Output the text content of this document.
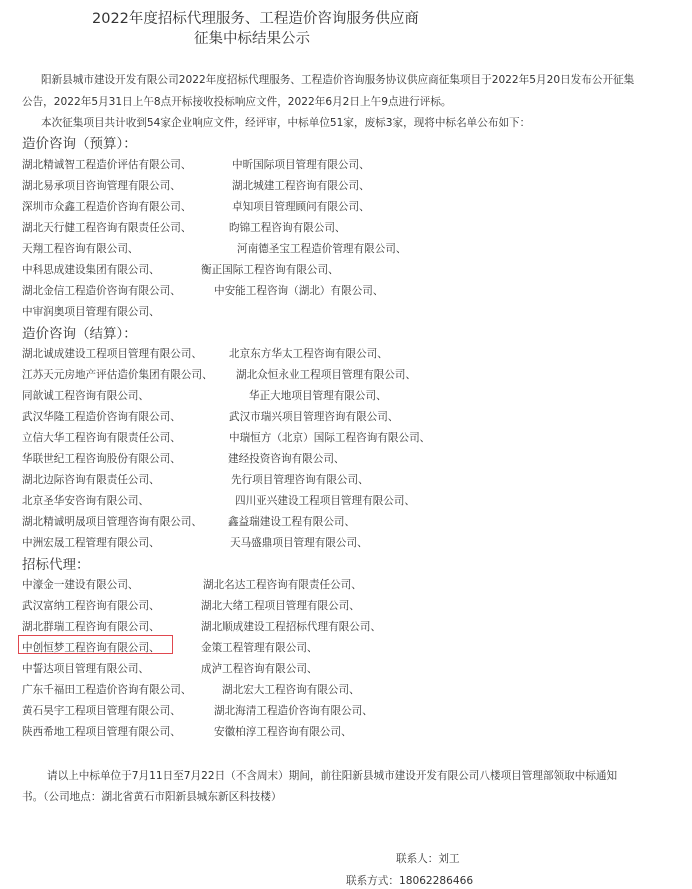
2022年度招标代理服务、工程造价咨询服务供应商
征集中标结果公示
阳新县城市建设开发有限公司2022年度招标代理服务、工程造价咨询服务协议供应商征集项目于2022年5月20日发布公开征集
公告，2022年5月31日上午8点开标接收投标响应文件，2022年6月2日上午9点进行评标。
本次征集项目共计收到54家企业响应文件，经评审，中标单位51家，废标3家，现将中标名单公布如下：
造价咨询（预算）：
湖北精诚智工程造价评估有限公司、	中昕国际项目管理有限公司、
湖北易承项目咨询管理有限公司、	湖北城建工程咨询有限公司、
深圳市众鑫工程造价咨询有限公司、	卓知项目管理顾问有限公司、
湖北天行健工程咨询有限责任公司、	昀锦工程咨询有限公司、
天翔工程咨询有限公司、	河南德圣宝工程造价管理有限公司、
中科思成建设集团有限公司、	衡正国际工程咨询有限公司、
湖北金信工程造价咨询有限公司、	中安能工程咨询（湖北）有限公司、
中审润奥项目管理有限公司、
造价咨询（结算）：
湖北诚成建设工程项目管理有限公司、	北京东方华太工程咨询有限公司、
江苏天元房地产评估造价集团有限公司、 湖北众恒永业工程项目管理有限公司、
同歆诚工程咨询有限公司、	华正大地项目管理有限公司、
武汉华隆工程造价咨询有限公司、	武汉市瑞兴项目管理咨询有限公司、
立信大华工程咨询有限责任公司、	中瑞恒方（北京）国际工程咨询有限公司、
华联世纪工程咨询股份有限公司、	建经投资咨询有限公司、
湖北边际咨询有限责任公司、	先行项目管理咨询有限公司、
北京圣华安咨询有限公司、	四川亚兴建设工程项目管理有限公司、
湖北精诚明晟项目管理咨询有限公司、 鑫益瑞建设工程有限公司、
中洲宏晟工程管理有限公司、	天马盛鼎项目管理有限公司、
招标代理：
中濠金一建设有限公司、	湖北名达工程咨询有限责任公司、
武汉富纳工程咨询有限公司、	湖北大绪工程项目管理有限公司、
湖北群瑞工程咨询有限公司、	湖北顺成建设工程招标代理有限公司、
中创恒梦工程咨询有限公司、	金策工程管理有限公司、
中誓达项目管理有限公司、	成泸工程咨询有限公司、
广东千福田工程造价咨询有限公司、	湖北宏大工程咨询有限公司、
黄石昊宇工程项目管理有限公司、	湖北海清工程造价咨询有限公司、
陕西希地工程项目管理有限公司、	安徽柏淳工程咨询有限公司、
请以上中标单位于7月11日至7月22日（不含周末）期间，前往阳新县城市建设开发有限公司八楼项目管理部领取中标通知
书。（公司地点：湖北省黄石市阳新县城东新区科技楼）
联系人：刘工
联系方式：18062286466
